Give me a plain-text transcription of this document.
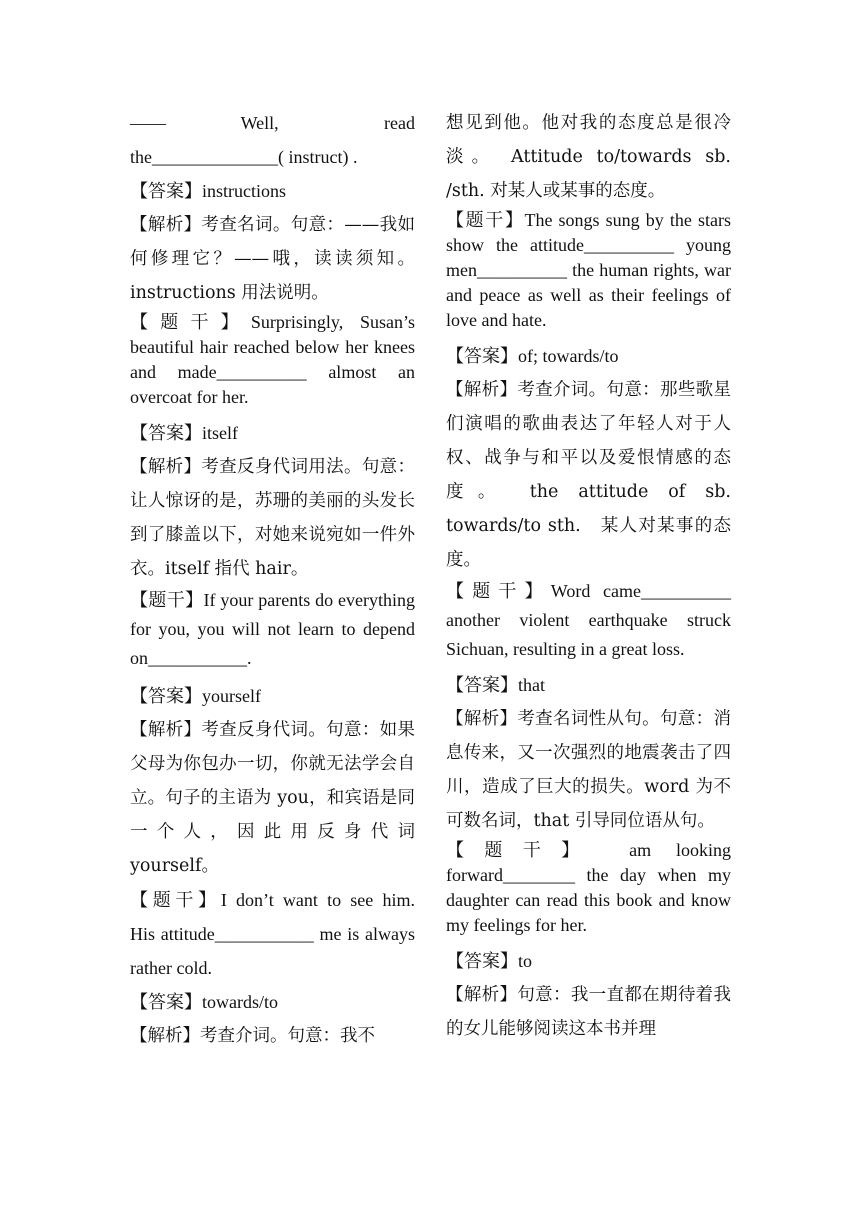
——　　Well,　　　read the______________( instruct) .

【答案】instructions

【解析】考查名词。句意：——我如何修理它？——哦，读读须知。instructions 用法说明。

【题干】Surprisingly, Susan’s beautiful hair reached below her knees and made__________ almost an overcoat for her.

【答案】itself

【解析】考查反身代词用法。句意：让人惊讶的是，苏珊的美丽的头发长到了膝盖以下，对她来说宛如一件外衣。itself 指代 hair。

【题干】If your parents do everything for you, you will not learn to depend on___________.

【答案】yourself

【解析】考查反身代词。句意：如果父母为你包办一切，你就无法学会自立。句子的主语为 you，和宾语是同一个人，因此用反身代词 yourself。

【题干】I don’t want to see him.　His attitude___________ me is always rather cold.

【答案】towards/to

【解析】考查介词。句意：我不

想见到他。他对我的态度总是很冷淡。 Attitude to/towards sb. /sth. 对某人或某事的态度。

【题干】The songs sung by the stars show the attitude__________ young men__________ the human rights, war and peace as well as their feelings of love and hate.

【答案】of; towards/to

【解析】考查介词。句意：那些歌星们演唱的歌曲表达了年轻人对于人权、战争与和平以及爱恨情感的态度。 the attitude of sb.　towards/to sth.　某人对某事的态度。

【题干】Word came__________ another violent earthquake struck Sichuan, resulting in a great loss.

【答案】that

【解析】考查名词性从句。句意：消息传来，又一次强烈的地震袭击了四川，造成了巨大的损失。word 为不可数名词，that 引导同位语从句。

【题干】　am looking forward________ the day when my daughter can read this book and know my feelings for her.

【答案】to

【解析】句意：我一直都在期待着我的女儿能够阅读这本书并理
